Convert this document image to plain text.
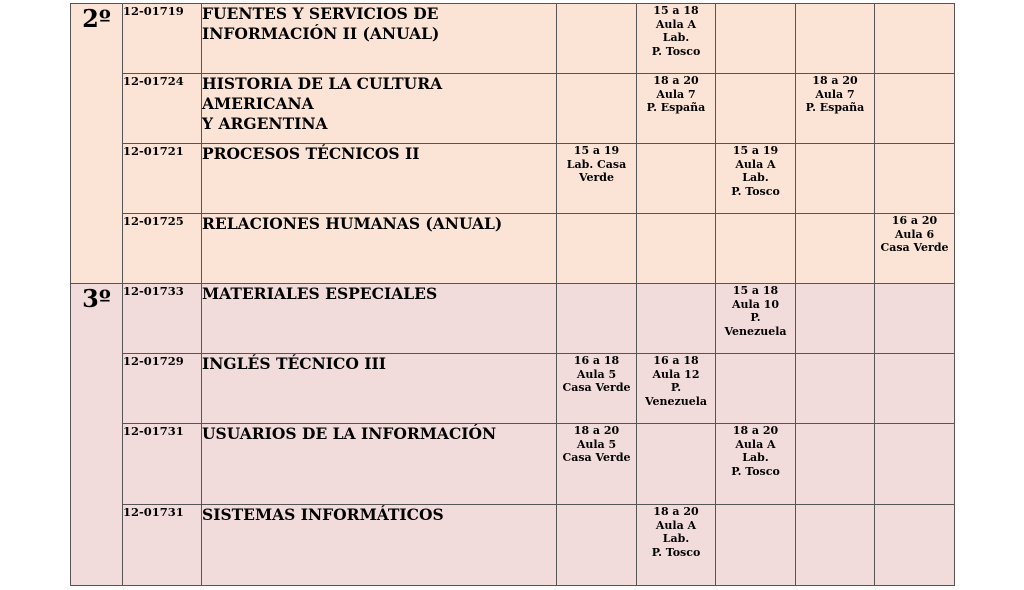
2º	12-01719	FUENTES Y SERVICIOS DE
INFORMACIÓN II (ANUAL)		15 a 18
Aula A
Lab.
P. Tosco			

	12-01724	HISTORIA DE LA CULTURA
AMERICANA
Y ARGENTINA		18 a 20
Aula 7
P. España		18 a 20
Aula 7
P. España	

	12-01721	PROCESOS TÉCNICOS II	15 a 19
Lab. Casa
Verde		15 a 19
Aula A
Lab.
P. Tosco		

	12-01725	RELACIONES HUMANAS (ANUAL)					16 a 20
Aula 6
Casa Verde

3º	12-01733	MATERIALES ESPECIALES			15 a 18
Aula 10
P.
Venezuela		

	12-01729	INGLÉS TÉCNICO III	16 a 18
Aula 5
Casa Verde	16 a 18
Aula 12
P.
Venezuela			

	12-01731	USUARIOS DE LA INFORMACIÓN	18 a 20
Aula 5
Casa Verde		18 a 20
Aula A
Lab.
P. Tosco		

	12-01731	SISTEMAS INFORMÁTICOS		18 a 20
Aula A
Lab.
P. Tosco			
